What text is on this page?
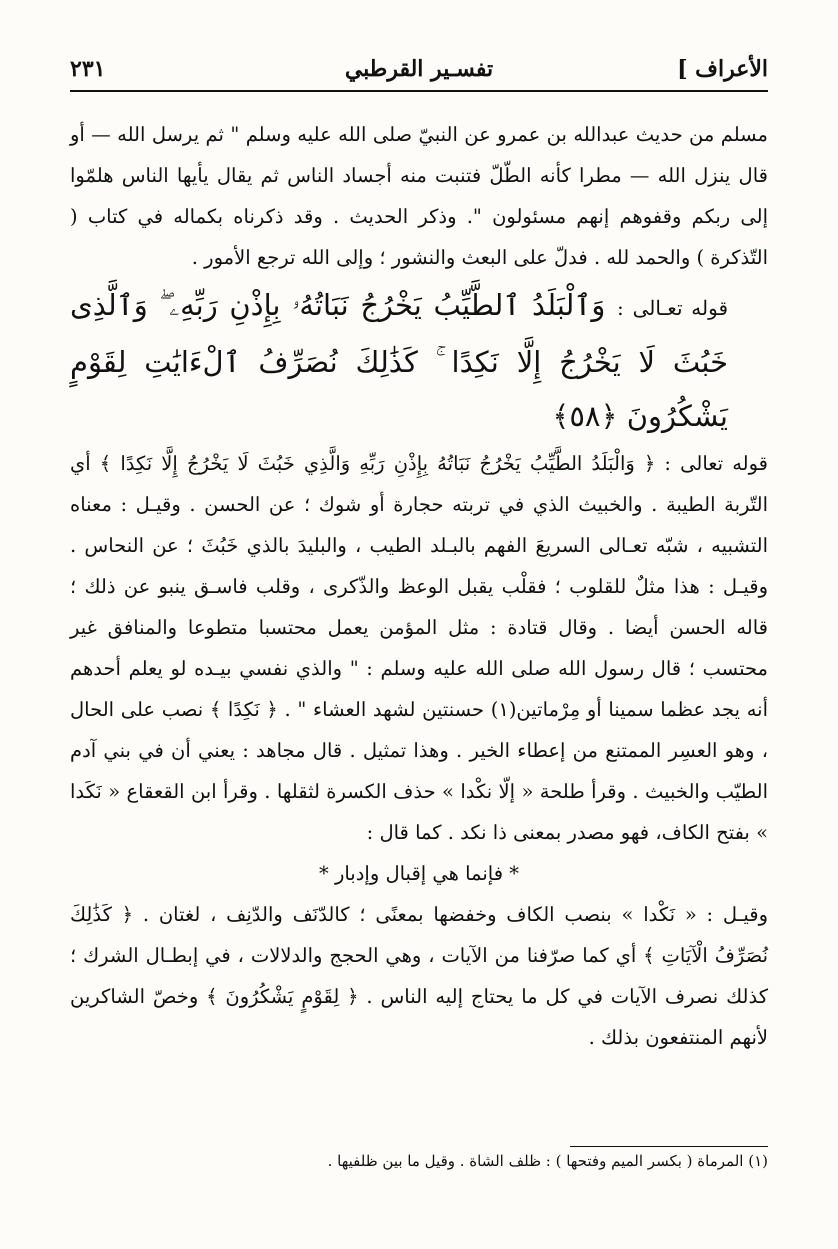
الأعراف ]
تفسـير القرطبي
٢٣١

مسلم من حديث عبدالله بن عمرو عن النبيّ صلى الله عليه وسلم " ثم يرسل الله — أو قال ينزل الله — مطرا كأنه الطّلّ فتنبت منه أجساد الناس ثم يقال يأيها الناس هلمّوا إلى ربكم وقفوهم إنهم مسئولون ". وذكر الحديث . وقد ذكرناه بكماله في كتاب ( التّذكرة ) والحمد لله . فدلّ على البعث والنشور ؛ وإلى الله ترجع الأمور .

قوله تعـالى : وَٱلْبَلَدُ ٱلطَّيِّبُ يَخْرُجُ نَبَاتُهُۥ بِإِذْنِ رَبِّهِۦ ۖ وَٱلَّذِى خَبُثَ لَا يَخْرُجُ إِلَّا نَكِدًا ۚ كَذَٰلِكَ نُصَرِّفُ ٱلْءَايَٰتِ لِقَوْمٍ يَشْكُرُونَ ﴿٥٨﴾

قوله تعالى : ﴿ وَالْبَلَدُ الطَّيِّبُ يَخْرُجُ نَبَاتُهُ بِإِذْنِ رَبِّهِ وَالَّذِي خَبُثَ لَا يَخْرُجُ إِلَّا نَكِدًا ﴾ أي التّربة الطيبة . والخبيث الذي في تربته حجارة أو شوك ؛ عن الحسن . وقيـل : معناه التشبيه ، شبّه تعـالى السريعَ الفهم بالبـلد الطيب ، والبليدَ بالذي خَبُثَ ؛ عن النحاس . وقيـل : هذا مثلٌ للقلوب ؛ فقلْب يقبل الوعظ والذّكرى ، وقلب فاسـق ينبو عن ذلك ؛ قاله الحسن أيضا . وقال قتادة : مثل المؤمن يعمل محتسبا متطوعا والمنافق غير محتسب ؛ قال رسول الله صلى الله عليه وسلم : " والذي نفسي بيـده لو يعلم أحدهم أنه يجد عظما سمينا أو مِرْماتين(١) حسنتين لشهد العشاء " . ﴿ نَكِدًا ﴾ نصب على الحال ، وهو العسِر الممتنع من إعطاء الخير . وهذا تمثيل . قال مجاهد : يعني أن في بني آدم الطيّب والخبيث . وقرأ طلحة « إلّا نكْدا » حذف الكسرة لثقلها . وقرأ ابن القعقاع « نَكَدا » بفتح الكاف، فهو مصدر بمعنى ذا نكد . كما قال :

* فإنما هي إقبال وإدبار *

وقيـل : « نَكْدا » بنصب الكاف وخفضها بمعنًى ؛ كالدّنَف والدّنِف ، لغتان . ﴿ كَذَٰلِكَ نُصَرِّفُ الْآيَاتِ ﴾ أي كما صرّفنا من الآيات ، وهي الحجج والدلالات ، في إبطـال الشرك ؛ كذلك نصرف الآيات في كل ما يحتاج إليه الناس . ﴿ لِقَوْمٍ يَشْكُرُونَ ﴾ وخصّ الشاكرين لأنهم المنتفعون بذلك .

(١) المرماة ( بكسر الميم وفتحها ) : ظلف الشاة . وقيل ما بين ظلفيها .
